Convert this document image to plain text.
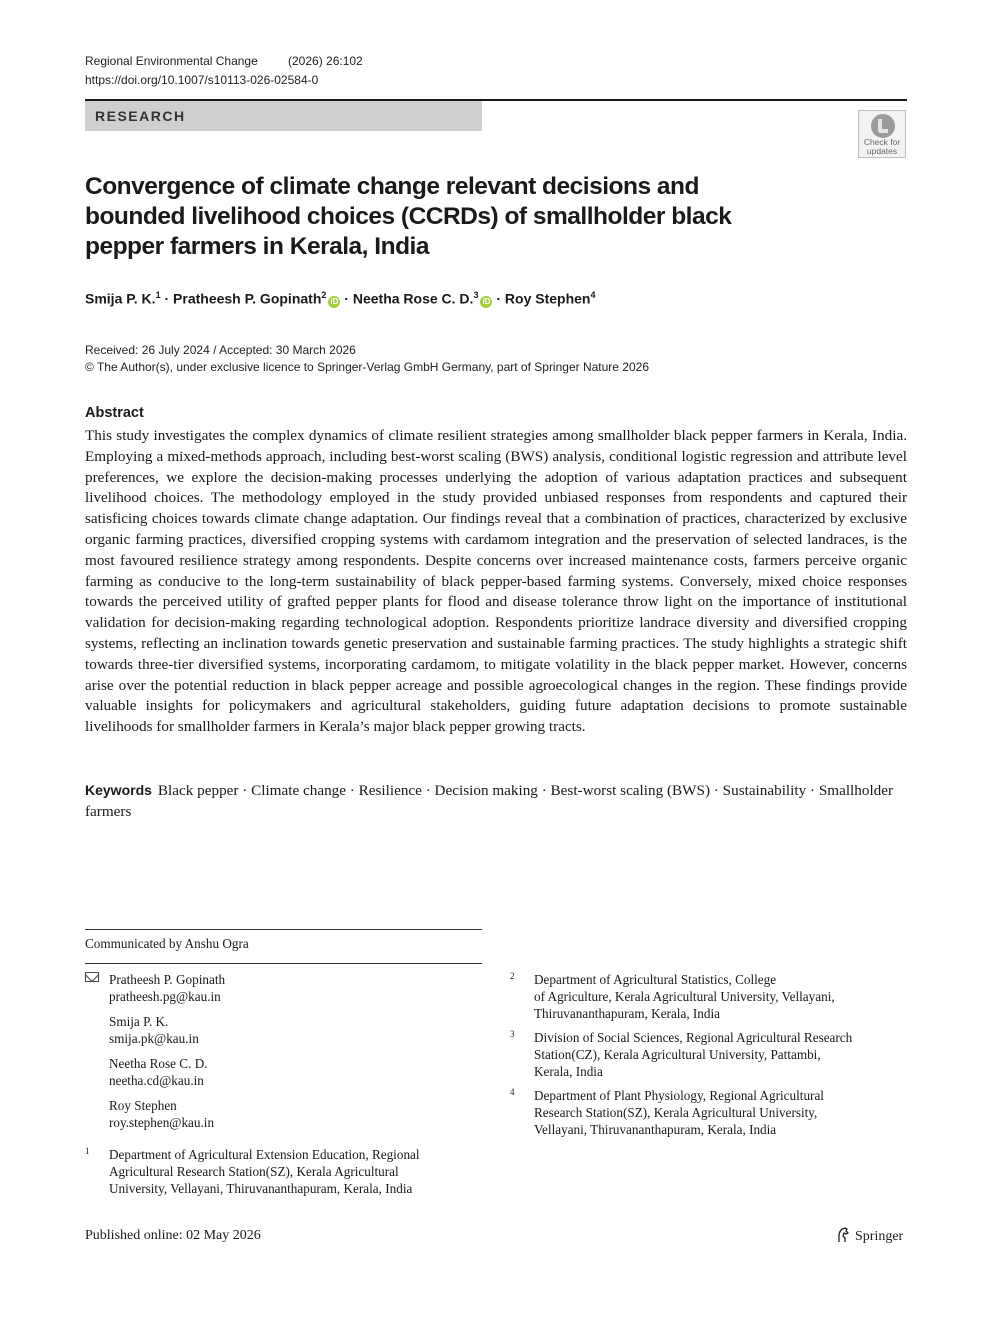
Regional Environmental Change	(2026) 26:102
https://doi.org/10.1007/s10113-026-02584-0
RESEARCH
Check for updates
Convergence of climate change relevant decisions and bounded livelihood choices (CCRDs) of smallholder black pepper farmers in Kerala, India
Smija P. K.$^1$ · Pratheesh P. Gopinath$^2$iD · Neetha Rose C. D.$^3$iD · Roy Stephen$^4$
Received: 26 July 2024 / Accepted: 30 March 2026
© The Author(s), under exclusive licence to Springer-Verlag GmbH Germany, part of Springer Nature 2026
Abstract
This study investigates the complex dynamics of climate resilient strategies among smallholder black pepper farmers in Kerala, India. Employing a mixed-methods approach, including best-worst scaling (BWS) analysis, conditional logistic regression and attribute level preferences, we explore the decision-making processes underlying the adoption of various adaptation practices and subsequent livelihood choices. The methodology employed in the study provided unbiased responses from respondents and captured their satisficing choices towards climate change adaptation. Our findings reveal that a combination of practices, characterized by exclusive organic farming practices, diversified cropping systems with cardamom integration and the preservation of selected landraces, is the most favoured resilience strategy among respondents. Despite concerns over increased maintenance costs, farmers perceive organic farming as conducive to the long-term sustainability of black pepper-based farming systems. Conversely, mixed choice responses towards the perceived utility of grafted pepper plants for flood and disease tolerance throw light on the importance of institutional validation for decision-making regarding technological adoption. Respondents prioritize landrace diversity and diversified cropping systems, reflecting an inclination towards genetic preservation and sustainable farming practices. The study highlights a strategic shift towards three-tier diversified systems, incorporating cardamom, to mitigate volatility in the black pepper market. However, concerns arise over the potential reduction in black pepper acreage and possible agroecological changes in the region. These findings provide valuable insights for policymakers and agricultural stakeholders, guiding future adaptation decisions to promote sustainable livelihoods for smallholder farmers in Kerala’s major black pepper growing tracts.
Keywords Black pepper · Climate change · Resilience · Decision making · Best-worst scaling (BWS) · Sustainability · Smallholder farmers
Communicated by Anshu Ogra
Pratheesh P. Gopinath
pratheesh.pg@kau.in
Smija P. K.
smija.pk@kau.in
Neetha Rose C. D.
neetha.cd@kau.in
Roy Stephen
roy.stephen@kau.in
1 Department of Agricultural Extension Education, Regional
Agricultural Research Station(SZ), Kerala Agricultural
University, Vellayani, Thiruvananthapuram, Kerala, India
2 Department of Agricultural Statistics, College
of Agriculture, Kerala Agricultural University, Vellayani,
Thiruvananthapuram, Kerala, India
3 Division of Social Sciences, Regional Agricultural Research
Station(CZ), Kerala Agricultural University, Pattambi,
Kerala, India
4 Department of Plant Physiology, Regional Agricultural
Research Station(SZ), Kerala Agricultural University,
Vellayani, Thiruvananthapuram, Kerala, India
Published online: 02 May 2026	Springer
